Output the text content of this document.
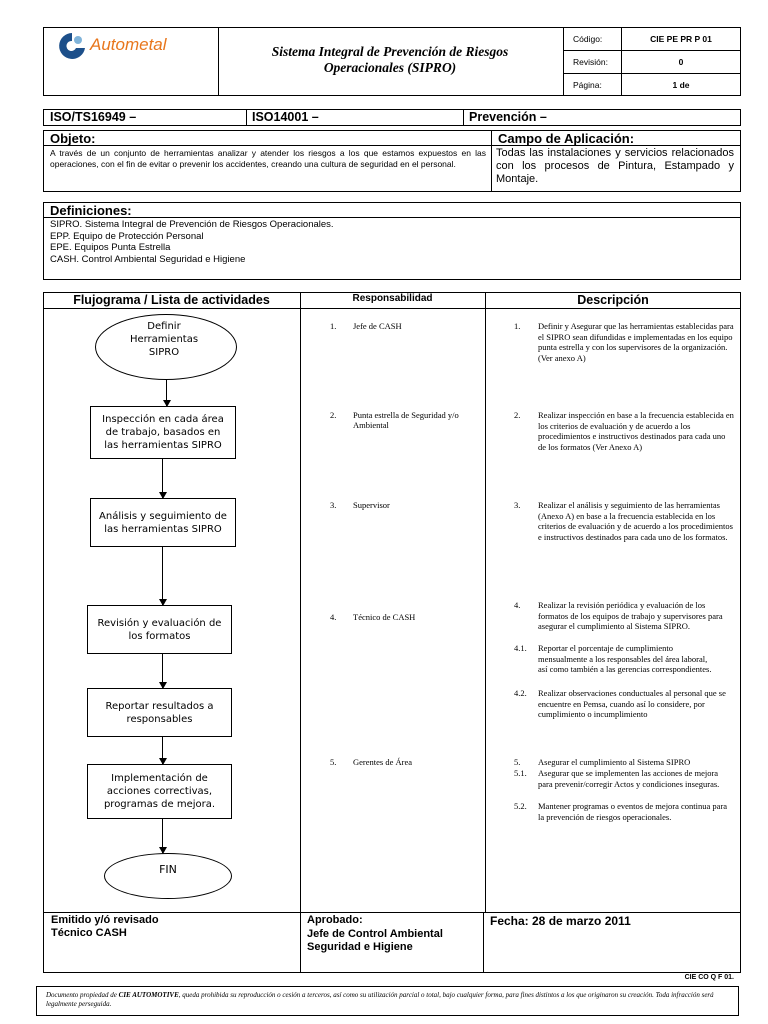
Autometal	Sistema Integral de Prevención de Riesgos Operacionales (SIPRO)
Código:	CIE PE PR P 01
Revisión:	0
Página:	1 de
ISO/TS16949 –	ISO14001 –	Prevención –
Objeto:	Campo de Aplicación:
A través de un conjunto de herramientas analizar y atender los riesgos a los que estamos expuestos en las operaciones, con el fin de evitar o prevenir los accidentes, creando una cultura de seguridad en el personal.
Todas las instalaciones y servicios relacionados con los procesos de Pintura, Estampado y Montaje.
Definiciones:
SIPRO. Sistema Integral de Prevención de Riesgos Operacionales.
EPP. Equipo de Protección Personal
EPE. Equipos Punta Estrella
CASH. Control Ambiental Seguridad e Higiene
Flujograma / Lista de actividades	Responsabilidad	Descripción
Definir Herramientas SIPRO
Inspección en cada área de trabajo, basados en las herramientas SIPRO
Análisis y seguimiento de las herramientas SIPRO
Revisión y evaluación de los formatos
Reportar resultados a responsables
Implementación de acciones correctivas, programas de mejora.
FIN
1. Jefe de CASH
2. Punta estrella de Seguridad y/o Ambiental
3. Supervisor
4. Técnico de CASH
5. Gerentes de Área
1. Definir y Asegurar que las herramientas establecidas para el SIPRO sean difundidas e implementadas en los equipo punta estrella y con los supervisores de la organización. (Ver anexo A)
2. Realizar inspección en base a la frecuencia establecida en los criterios de evaluación y de acuerdo a los procedimientos e instructivos destinados para cada uno de los formatos (Ver Anexo A)
3. Realizar el análisis y seguimiento de las herramientas (Anexo A) en base a la frecuencia establecida en los criterios de evaluación y de acuerdo a los procedimientos e instructivos destinados para cada uno de los formatos.
4. Realizar la revisión periódica y evaluación de los formatos de los equipos de trabajo y supervisores para asegurar el cumplimiento al Sistema SIPRO.
4.1. Reportar el porcentaje de cumplimiento mensualmente a los responsables del área laboral, así como también a las gerencias correspondientes.
4.2. Realizar observaciones conductuales al personal que se encuentre en Pemsa, cuando así lo considere, por cumplimiento o incumplimiento
5. Asegurar el cumplimiento al Sistema SIPRO
5.1. Asegurar que se implementen las acciones de mejora para prevenir/corregir Actos y condiciones inseguras.
5.2. Mantener programas o eventos de mejora continua para la prevención de riesgos operacionales.
Emitido y/ó revisado
Técnico CASH
Aprobado:
Jefe de Control Ambiental Seguridad e Higiene
Fecha: 28 de marzo 2011
CIE CO Q F 01.
Documento propiedad de CIE AUTOMOTIVE, queda prohibida su reproducción o cesión a terceros, así como su utilización parcial o total, bajo cualquier forma, para fines distintos a los que originaron su creación. Toda infracción será legalmente perseguida.
